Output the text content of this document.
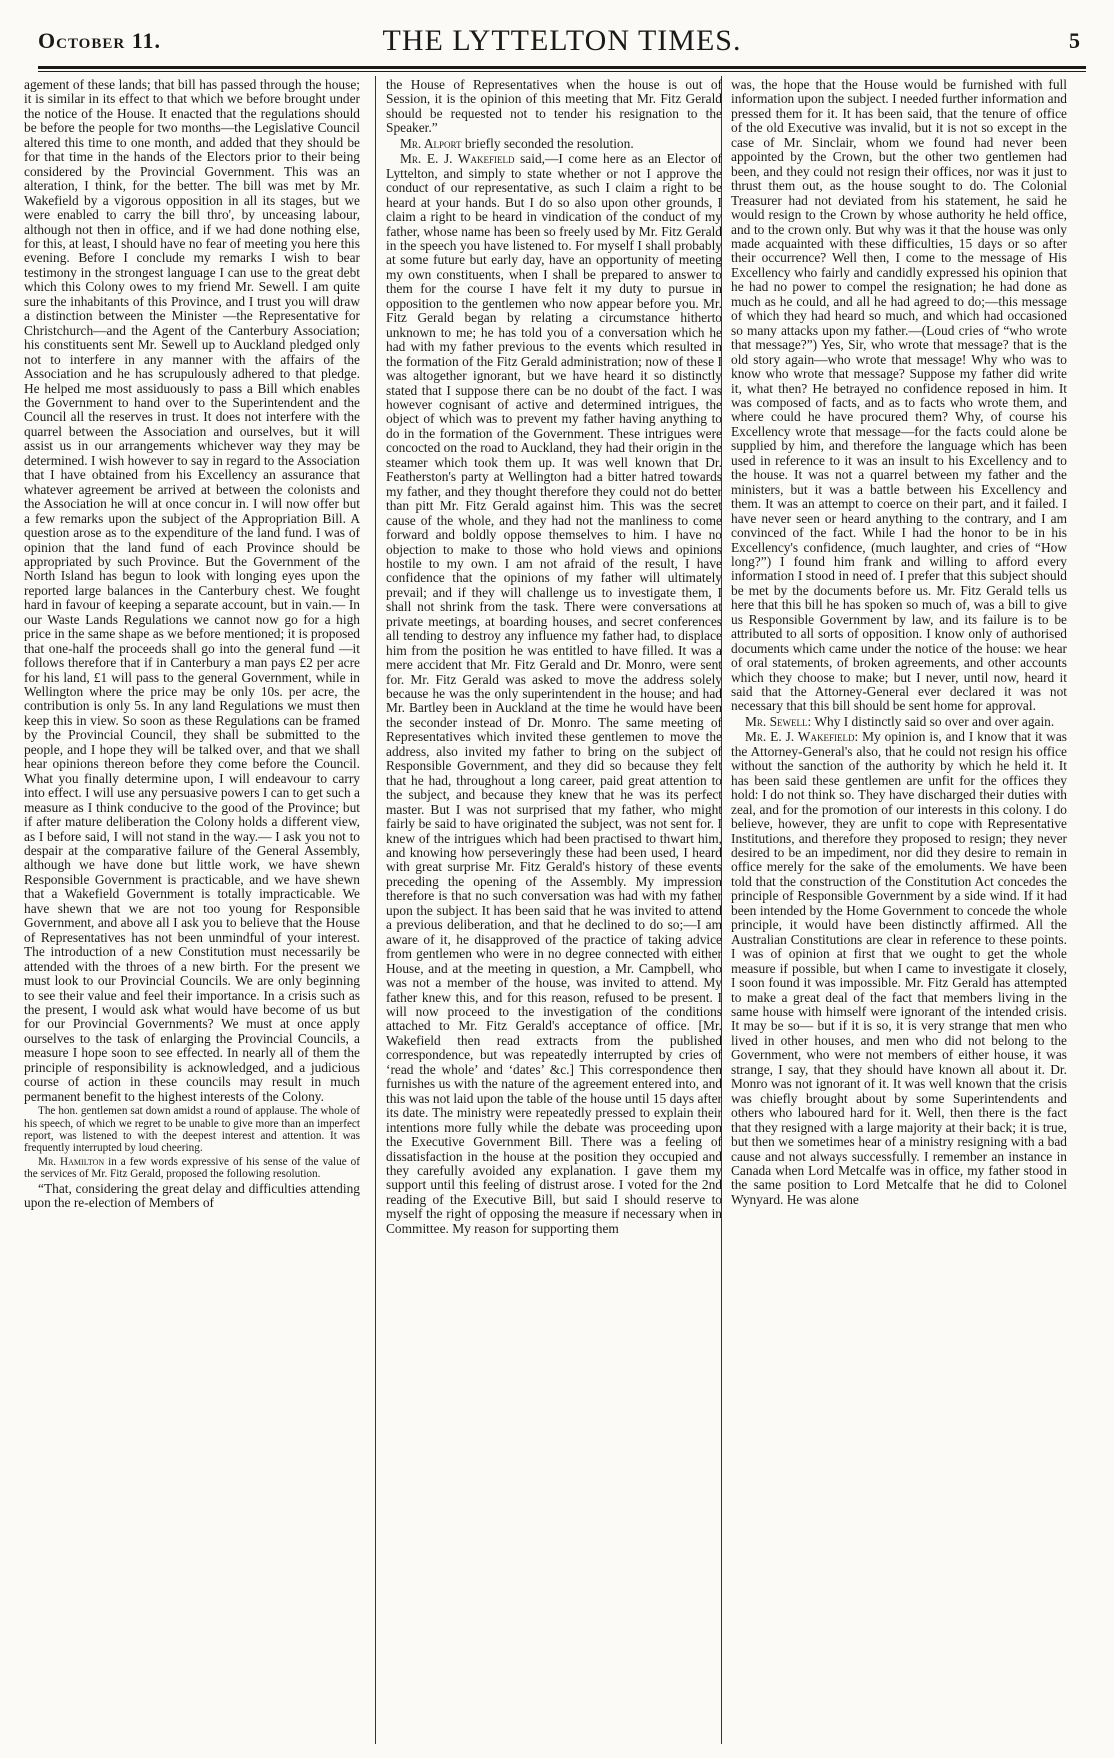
October 11.	THE LYTTELTON TIMES.	5

agement of these lands; that bill has passed through the house; it is similar in its effect to that which we before brought under the notice of the House. It enacted that the regulations should be before the people for two months—the Legislative Council altered this time to one month, and added that they should be for that time in the hands of the Electors prior to their being considered by the Provincial Government. This was an alteration, I think, for the better. The bill was met by Mr. Wakefield by a vigorous opposition in all its stages, but we were enabled to carry the bill thro', by unceasing labour, although not then in office, and if we had done nothing else, for this, at least, I should have no fear of meeting you here this evening. Before I conclude my remarks I wish to bear testimony in the strongest language I can use to the great debt which this Colony owes to my friend Mr. Sewell. I am quite sure the inhabitants of this Province, and I trust you will draw a distinction between the Minister —the Representative for Christchurch—and the Agent of the Canterbury Association; his constituents sent Mr. Sewell up to Auckland pledged only not to interfere in any manner with the affairs of the Association and he has scrupulously adhered to that pledge. He helped me most assiduously to pass a Bill which enables the Government to hand over to the Superintendent and the Council all the reserves in trust. It does not interfere with the quarrel between the Association and ourselves, but it will assist us in our arrangements whichever way they may be determined. I wish however to say in regard to the Association that I have obtained from his Excellency an assurance that whatever agreement be arrived at between the colonists and the Association he will at once concur in. I will now offer but a few remarks upon the subject of the Appropriation Bill. A question arose as to the expenditure of the land fund. I was of opinion that the land fund of each Province should be appropriated by such Province. But the Government of the North Island has begun to look with longing eyes upon the reported large balances in the Canterbury chest. We fought hard in favour of keeping a separate account, but in vain.— In our Waste Lands Regulations we cannot now go for a high price in the same shape as we before mentioned; it is proposed that one-half the proceeds shall go into the general fund —it follows therefore that if in Canterbury a man pays £2 per acre for his land, £1 will pass to the general Government, while in Wellington where the price may be only 10s. per acre, the contribution is only 5s. In any land Regulations we must then keep this in view. So soon as these Regulations can be framed by the Provincial Council, they shall be submitted to the people, and I hope they will be talked over, and that we shall hear opinions thereon before they come before the Council. What you finally determine upon, I will endeavour to carry into effect. I will use any persuasive powers I can to get such a measure as I think conducive to the good of the Province; but if after mature deliberation the Colony holds a different view, as I before said, I will not stand in the way.— I ask you not to despair at the comparative failure of the General Assembly, although we have done but little work, we have shewn Responsible Government is practicable, and we have shewn that a Wakefield Government is totally impracticable. We have shewn that we are not too young for Responsible Government, and above all I ask you to believe that the House of Representatives has not been unmindful of your interest. The introduction of a new Constitution must necessarily be attended with the throes of a new birth. For the present we must look to our Provincial Councils. We are only beginning to see their value and feel their importance. In a crisis such as the present, I would ask what would have become of us but for our Provincial Governments? We must at once apply ourselves to the task of enlarging the Provincial Councils, a measure I hope soon to see effected. In nearly all of them the principle of responsibility is acknowledged, and a judicious course of action in these councils may result in much permanent benefit to the highest interests of the Colony.

The hon. gentlemen sat down amidst a round of applause. The whole of his speech, of which we regret to be unable to give more than an imperfect report, was listened to with the deepest interest and attention. It was frequently interrupted by loud cheering.

Mr. Hamilton in a few words expressive of his sense of the value of the services of Mr. Fitz Gerald, proposed the following resolution.

“That, considering the great delay and difficulties attending upon the re-election of Members of

the House of Representatives when the house is out of Session, it is the opinion of this meeting that Mr. Fitz Gerald should be requested not to tender his resignation to the Speaker.”

Mr. Alport briefly seconded the resolution.

Mr. E. J. Wakefield said,—I come here as an Elector of Lyttelton, and simply to state whether or not I approve the conduct of our representative, as such I claim a right to be heard at your hands. But I do so also upon other grounds, I claim a right to be heard in vindication of the conduct of my father, whose name has been so freely used by Mr. Fitz Gerald in the speech you have listened to. For myself I shall probably at some future but early day, have an opportunity of meeting my own constituents, when I shall be prepared to answer to them for the course I have felt it my duty to pursue in opposition to the gentlemen who now appear before you. Mr. Fitz Gerald began by relating a circumstance hitherto unknown to me; he has told you of a conversation which he had with my father previous to the events which resulted in the formation of the Fitz Gerald administration; now of these I was altogether ignorant, but we have heard it so distinctly stated that I suppose there can be no doubt of the fact. I was however cognisant of active and determined intrigues, the object of which was to prevent my father having anything to do in the formation of the Government. These intrigues were concocted on the road to Auckland, they had their origin in the steamer which took them up. It was well known that Dr. Featherston's party at Wellington had a bitter hatred towards my father, and they thought therefore they could not do better than pitt Mr. Fitz Gerald against him. This was the secret cause of the whole, and they had not the manliness to come forward and boldly oppose themselves to him. I have no objection to make to those who hold views and opinions hostile to my own. I am not afraid of the result, I have confidence that the opinions of my father will ultimately prevail; and if they will challenge us to investigate them, I shall not shrink from the task. There were conversations at private meetings, at boarding houses, and secret conferences all tending to destroy any influence my father had, to displace him from the position he was entitled to have filled. It was a mere accident that Mr. Fitz Gerald and Dr. Monro, were sent for. Mr. Fitz Gerald was asked to move the address solely because he was the only superintendent in the house; and had Mr. Bartley been in Auckland at the time he would have been the seconder instead of Dr. Monro. The same meeting of Representatives which invited these gentlemen to move the address, also invited my father to bring on the subject of Responsible Government, and they did so because they felt that he had, throughout a long career, paid great attention to the subject, and because they knew that he was its perfect master. But I was not surprised that my father, who might fairly be said to have originated the subject, was not sent for. I knew of the intrigues which had been practised to thwart him, and knowing how perseveringly these had been used, I heard with great surprise Mr. Fitz Gerald's history of these events preceding the opening of the Assembly. My impression therefore is that no such conversation was had with my father upon the subject. It has been said that he was invited to attend a previous deliberation, and that he declined to do so;—I am aware of it, he disapproved of the practice of taking advice from gentlemen who were in no degree connected with either House, and at the meeting in question, a Mr. Campbell, who was not a member of the house, was invited to attend. My father knew this, and for this reason, refused to be present. I will now proceed to the investigation of the conditions attached to Mr. Fitz Gerald's acceptance of office. [Mr. Wakefield then read extracts from the published correspondence, but was repeatedly interrupted by cries of ‘read the whole’ and ‘dates’ &c.] This correspondence then furnishes us with the nature of the agreement entered into, and this was not laid upon the table of the house until 15 days after its date. The ministry were repeatedly pressed to explain their intentions more fully while the debate was proceeding upon the Executive Government Bill. There was a feeling of dissatisfaction in the house at the position they occupied and they carefully avoided any explanation. I gave them my support until this feeling of distrust arose. I voted for the 2nd reading of the Executive Bill, but said I should reserve to myself the right of opposing the measure if necessary when in Committee. My reason for supporting them

was, the hope that the House would be furnished with full information upon the subject. I needed further information and pressed them for it. It has been said, that the tenure of office of the old Executive was invalid, but it is not so except in the case of Mr. Sinclair, whom we found had never been appointed by the Crown, but the other two gentlemen had been, and they could not resign their offices, nor was it just to thrust them out, as the house sought to do. The Colonial Treasurer had not deviated from his statement, he said he would resign to the Crown by whose authority he held office, and to the crown only. But why was it that the house was only made acquainted with these difficulties, 15 days or so after their occurrence? Well then, I come to the message of His Excellency who fairly and candidly expressed his opinion that he had no power to compel the resignation; he had done as much as he could, and all he had agreed to do;—this message of which they had heard so much, and which had occasioned so many attacks upon my father.—(Loud cries of “who wrote that message?”) Yes, Sir, who wrote that message? that is the old story again—who wrote that message! Why who was to know who wrote that message? Suppose my father did write it, what then? He betrayed no confidence reposed in him. It was composed of facts, and as to facts who wrote them, and where could he have procured them? Why, of course his Excellency wrote that message—for the facts could alone be supplied by him, and therefore the language which has been used in reference to it was an insult to his Excellency and to the house. It was not a quarrel between my father and the ministers, but it was a battle between his Excellency and them. It was an attempt to coerce on their part, and it failed. I have never seen or heard anything to the contrary, and I am convinced of the fact. While I had the honor to be in his Excellency's confidence, (much laughter, and cries of “How long?”) I found him frank and willing to afford every information I stood in need of. I prefer that this subject should be met by the documents before us. Mr. Fitz Gerald tells us here that this bill he has spoken so much of, was a bill to give us Responsible Government by law, and its failure is to be attributed to all sorts of opposition. I know only of authorised documents which came under the notice of the house: we hear of oral statements, of broken agreements, and other accounts which they choose to make; but I never, until now, heard it said that the Attorney-General ever declared it was not necessary that this bill should be sent home for approval.

Mr. Sewell: Why I distinctly said so over and over again.

Mr. E. J. Wakefield: My opinion is, and I know that it was the Attorney-General's also, that he could not resign his office without the sanction of the authority by which he held it. It has been said these gentlemen are unfit for the offices they hold: I do not think so. They have discharged their duties with zeal, and for the promotion of our interests in this colony. I do believe, however, they are unfit to cope with Representative Institutions, and therefore they proposed to resign; they never desired to be an impediment, nor did they desire to remain in office merely for the sake of the emoluments. We have been told that the construction of the Constitution Act concedes the principle of Responsible Government by a side wind. If it had been intended by the Home Government to concede the whole principle, it would have been distinctly affirmed. All the Australian Constitutions are clear in reference to these points. I was of opinion at first that we ought to get the whole measure if possible, but when I came to investigate it closely, I soon found it was impossible. Mr. Fitz Gerald has attempted to make a great deal of the fact that members living in the same house with himself were ignorant of the intended crisis. It may be so— but if it is so, it is very strange that men who lived in other houses, and men who did not belong to the Government, who were not members of either house, it was strange, I say, that they should have known all about it. Dr. Monro was not ignorant of it. It was well known that the crisis was chiefly brought about by some Superintendents and others who laboured hard for it. Well, then there is the fact that they resigned with a large majority at their back; it is true, but then we sometimes hear of a ministry resigning with a bad cause and not always successfully. I remember an instance in Canada when Lord Metcalfe was in office, my father stood in the same position to Lord Metcalfe that he did to Colonel Wynyard. He was alone
